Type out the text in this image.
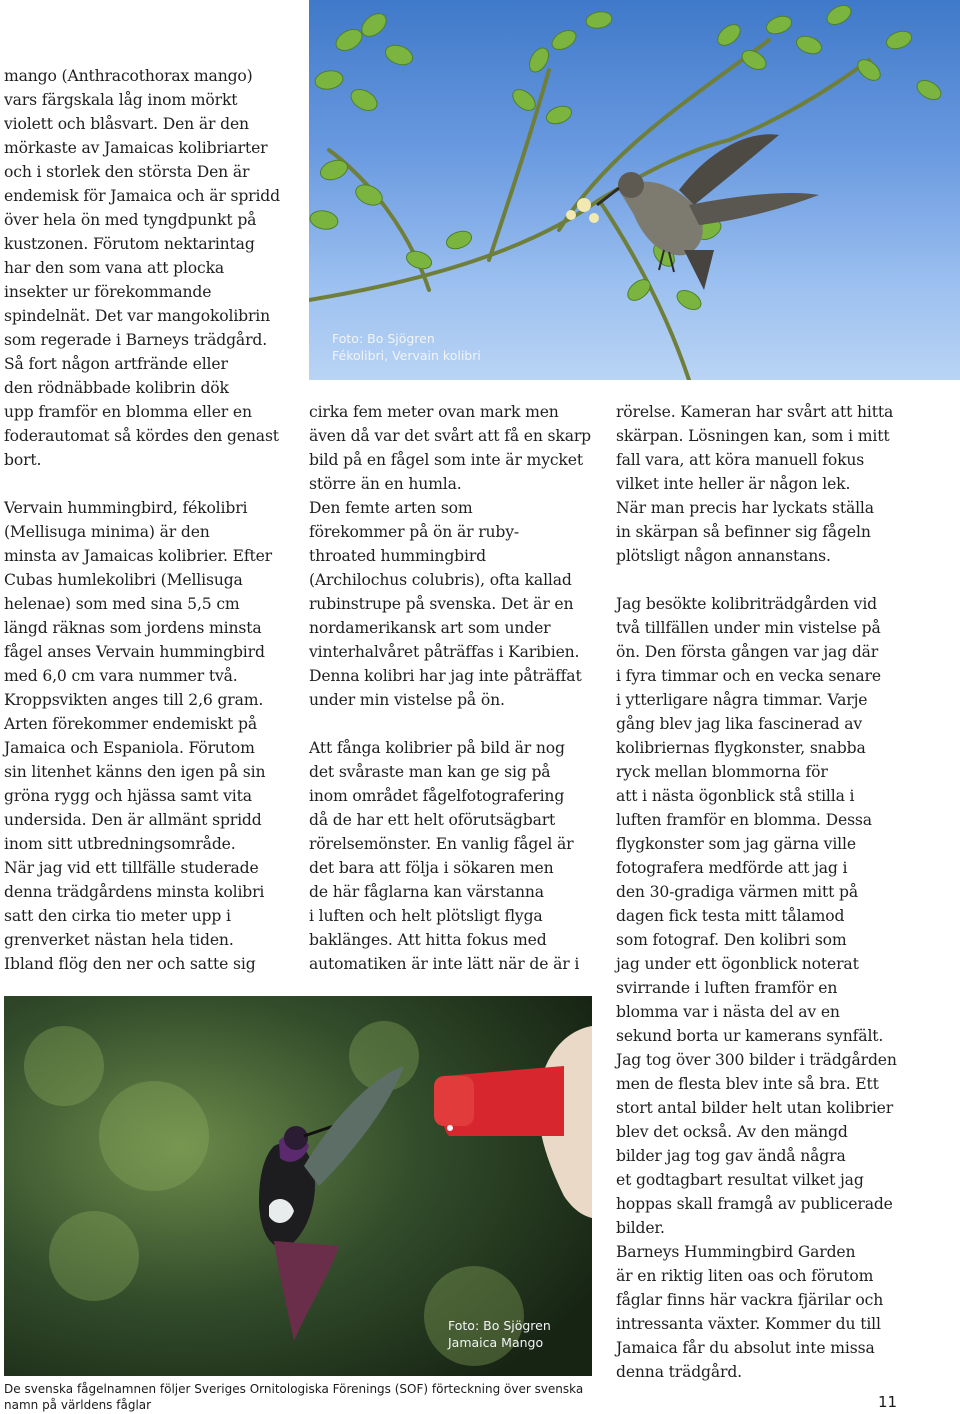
mango (Anthracothorax mango)
vars färgskala låg inom mörkt
violett och blåsvart. Den är den
mörkaste av Jamaicas kolibriarter
och i storlek den största Den är
endemisk för Jamaica och är spridd
över hela ön med tyngdpunkt på
kustzonen. Förutom nektarintag
har den som vana att plocka
insekter ur förekommande
spindelnät. Det var mangokolibrin
som regerade i Barneys trädgård.
Så fort någon artfrände eller
den rödnäbbade kolibrin dök
upp framför en blomma eller en
foderautomat så kördes den genast
bort.

Vervain hummingbird, fékolibri
(Mellisuga minima) är den
minsta av Jamaicas kolibrier. Efter
Cubas humlekolibri (Mellisuga
helenae) som med sina 5,5 cm
längd räknas som jordens minsta
fågel anses Vervain hummingbird
med 6,0 cm vara nummer två.
Kroppsvikten anges till 2,6 gram.
Arten förekommer endemiskt på
Jamaica och Espaniola. Förutom
sin litenhet känns den igen på sin
gröna rygg och hjässa samt vita
undersida. Den är allmänt spridd
inom sitt utbredningsområde.
När jag vid ett tillfälle studerade
denna trädgårdens minsta kolibri
satt den cirka tio meter upp i
grenverket nästan hela tiden.
Ibland flög den ner och satte sig

Foto: Bo Sjögren
Fékolibri, Vervain kolibri

cirka fem meter ovan mark men
även då var det svårt att få en skarp
bild på en fågel som inte är mycket
större än en humla.

Den femte arten som
förekommer på ön är ruby-
throated hummingbird
(Archilochus colubris), ofta kallad
rubinstrupe på svenska. Det är en
nordamerikansk art som under
vinterhalvåret påträffas i Karibien.
Denna kolibri har jag inte påträffat
under min vistelse på ön.

Att fånga kolibrier på bild är nog
det svåraste man kan ge sig på
inom området fågelfotografering
då de har ett helt oförutsägbart
rörelsemönster. En vanlig fågel är
det bara att följa i sökaren men
de här fåglarna kan värstanna
i luften och helt plötsligt flyga
baklänges. Att hitta fokus med
automatiken är inte lätt när de är i

rörelse. Kameran har svårt att hitta
skärpan. Lösningen kan, som i mitt
fall vara, att köra manuell fokus
vilket inte heller är någon lek.

När man precis har lyckats ställa
in skärpan så befinner sig fågeln
plötsligt någon annanstans.

Jag besökte kolibriträdgården vid
två tillfällen under min vistelse på
ön. Den första gången var jag där
i fyra timmar och en vecka senare
i ytterligare några timmar. Varje
gång blev jag lika fascinerad av
kolibriernas flygkonster, snabba
ryck mellan blommorna för
att i nästa ögonblick stå stilla i
luften framför en blomma. Dessa
flygkonster som jag gärna ville
fotografera medförde att jag i
den 30-gradiga värmen mitt på
dagen fick testa mitt tålamod
som fotograf. Den kolibri som
jag under ett ögonblick noterat
svirrande i luften framför en
blomma var i nästa del av en
sekund borta ur kamerans synfält.
Jag tog över 300 bilder i trädgården
men de flesta blev inte så bra. Ett
stort antal bilder helt utan kolibrier
blev det också. Av den mängd
bilder jag tog gav ändå några
et godtagbart resultat vilket jag
hoppas skall framgå av publicerade
bilder.

Barneys Hummingbird Garden
är en riktig liten oas och förutom
fåglar finns här vackra fjärilar och
intressanta växter. Kommer du till
Jamaica får du absolut inte missa
denna trädgård.

Foto: Bo Sjögren
Jamaica Mango
De svenska fågelnamnen följer Sveriges Ornitologiska Förenings (SOF) förteckning över svenska namn på världens fåglar	11
